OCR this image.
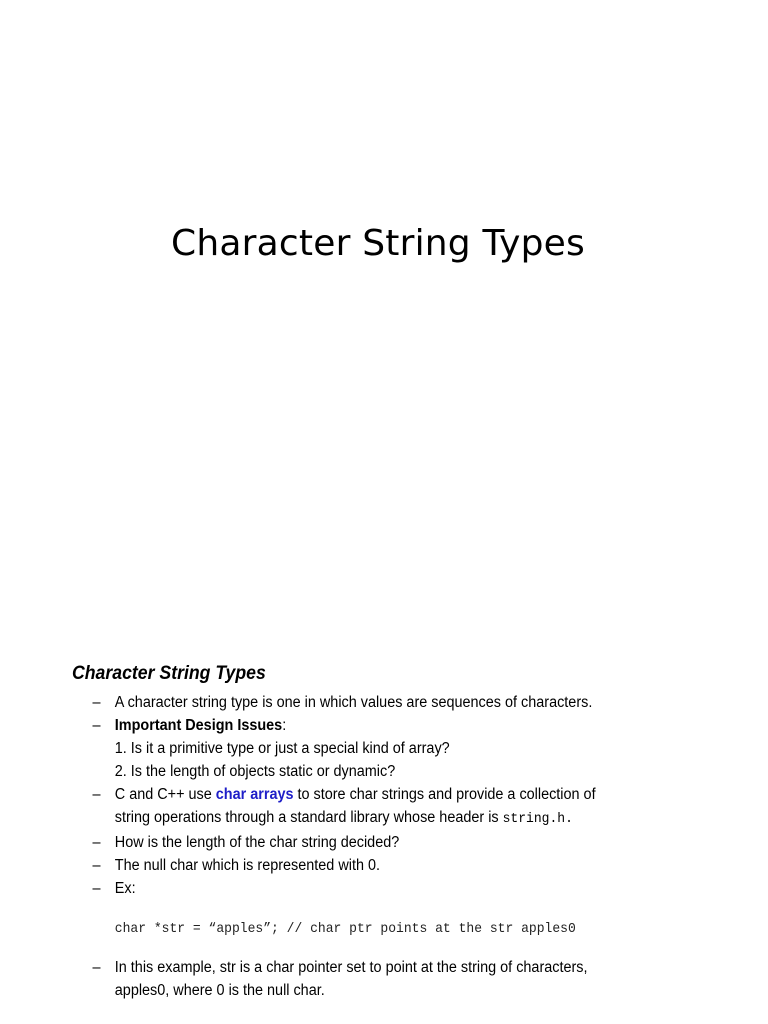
Character String Types
Character String Types
– A character string type is one in which values are sequences of characters.
– Important Design Issues:
1. Is it a primitive type or just a special kind of array?
2. Is the length of objects static or dynamic?
– C and C++ use char arrays to store char strings and provide a collection of
string operations through a standard library whose header is string.h.
– How is the length of the char string decided?
– The null char which is represented with 0.
– Ex:
char *str = “apples”; // char ptr points at the str apples0
– In this example, str is a char pointer set to point at the string of characters,
apples0, where 0 is the null char.
